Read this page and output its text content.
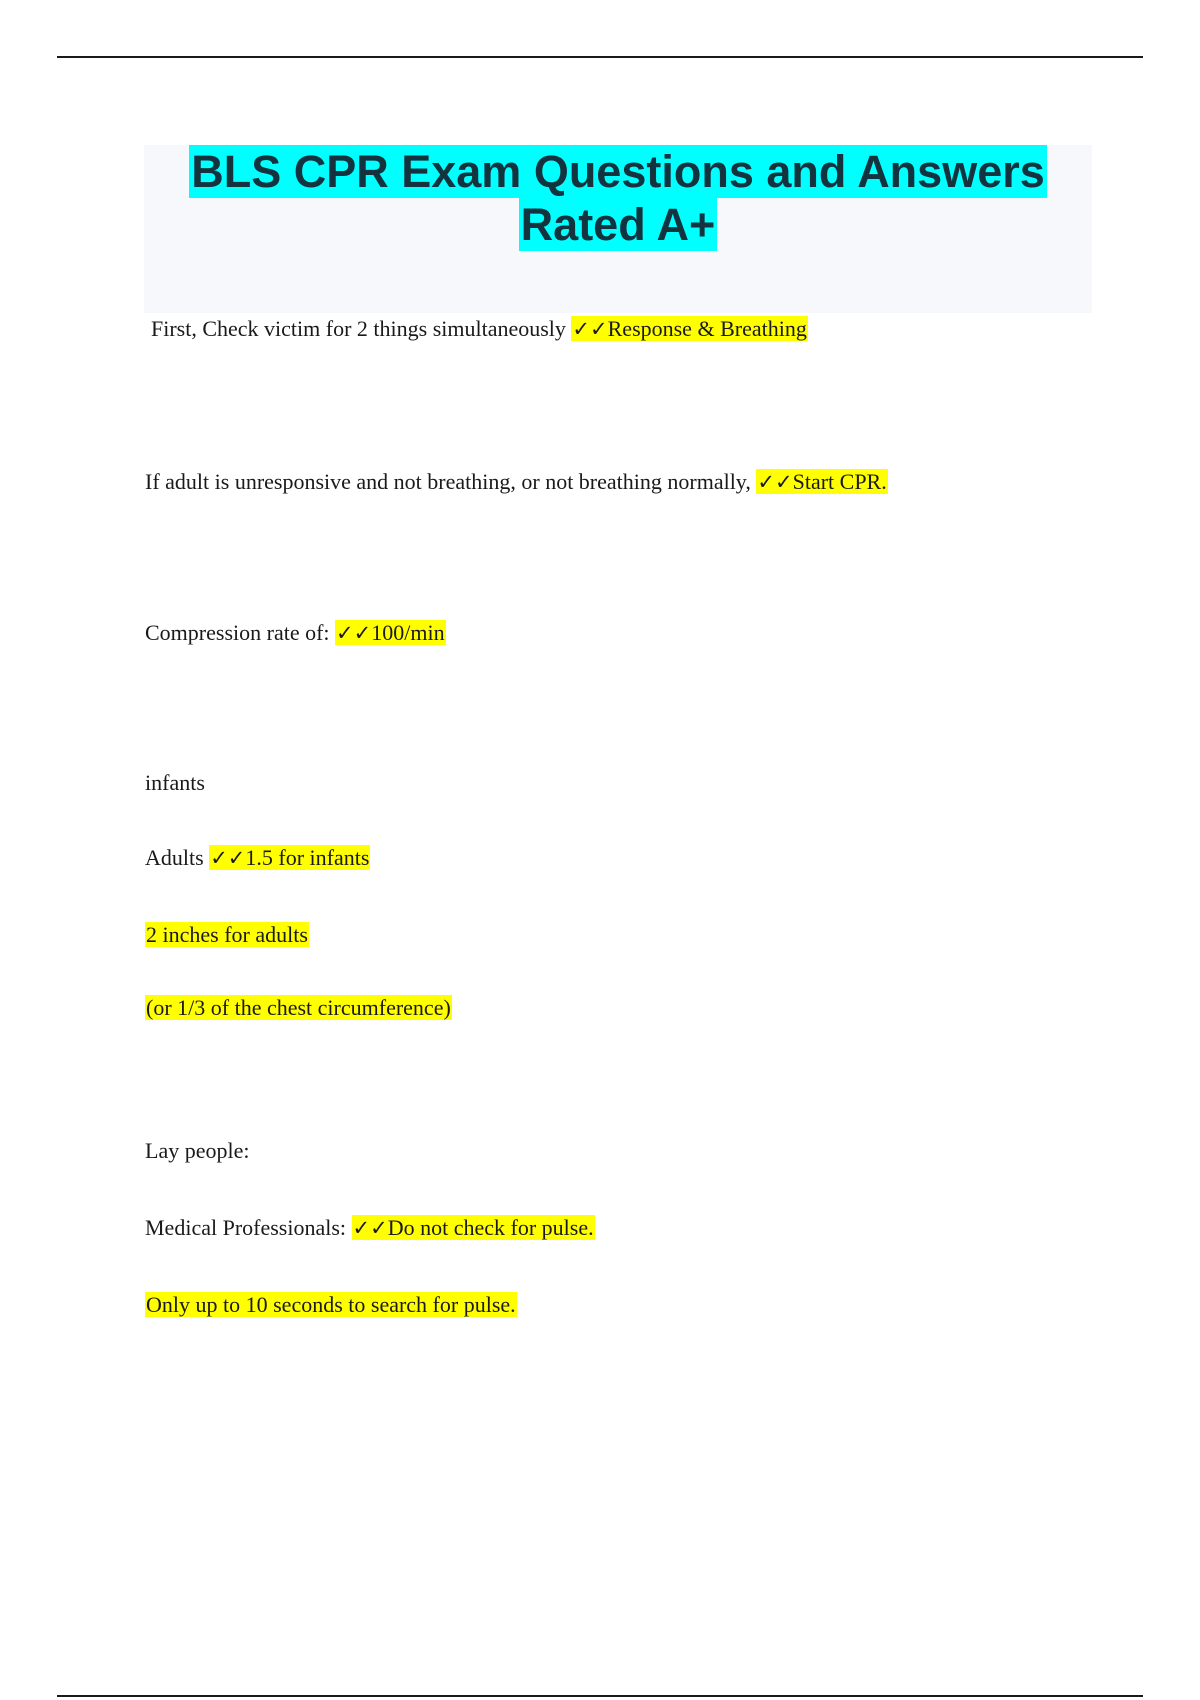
BLS CPR Exam Questions and Answers
Rated A+
First, Check victim for 2 things simultaneously ✓✓Response & Breathing
If adult is unresponsive and not breathing, or not breathing normally, ✓✓Start CPR.
Compression rate of: ✓✓100/min
infants
Adults ✓✓1.5 for infants
2 inches for adults
(or 1/3 of the chest circumference)
Lay people:
Medical Professionals: ✓✓Do not check for pulse.
Only up to 10 seconds to search for pulse.
